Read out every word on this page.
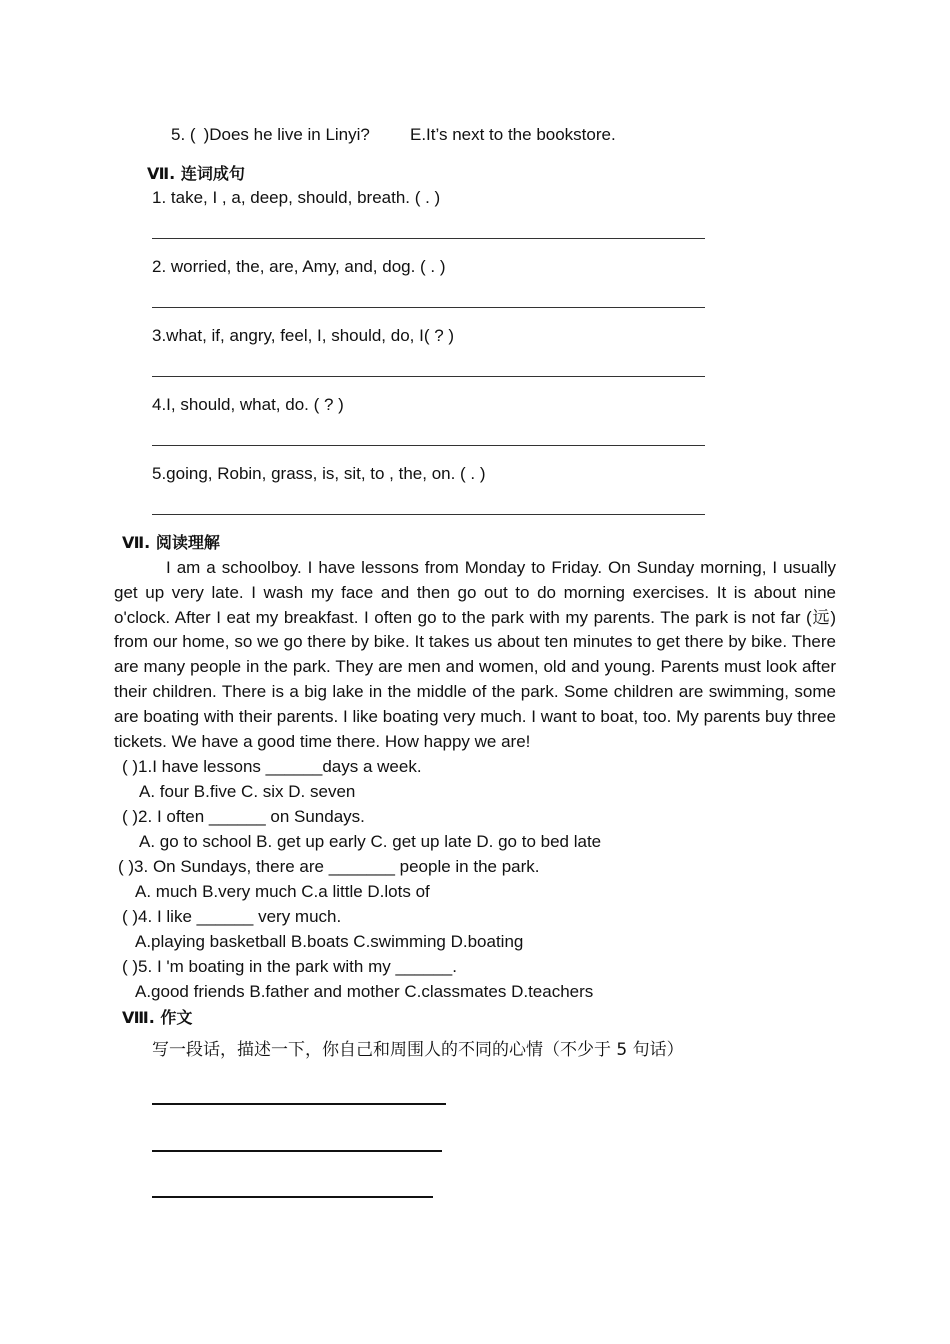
5. ( )Does he live in Linyi? E.It’s next to the bookstore.
Ⅶ. 连词成句
1. take, I , a, deep, should, breath. ( . )
2. worried, the, are, Amy, and, dog. ( . )
3.what, if, angry, feel, I, should, do, I( ? )
4.I, should, what, do. ( ? )
5.going, Robin, grass, is, sit, to , the, on. ( . )
Ⅶ. 阅读理解
I am a schoolboy. I have lessons from Monday to Friday. On Sunday morning, I usually get up very late. I wash my face and then go out to do morning exercises. It is about nine o'clock. After I eat my breakfast. I often go to the park with my parents. The park is not far (远) from our home, so we go there by bike. It takes us about ten minutes to get there by bike. There are many people in the park. They are men and women, old and young. Parents must look after their children. There is a big lake in the middle of the park. Some children are swimming, some are boating with their parents. I like boating very much. I want to boat, too. My parents buy three tickets. We have a good time there. How happy we are!
( )1.I have lessons ______days a week.
A. four B.five C. six D. seven
( )2. I often ______ on Sundays.
A. go to school B. get up early C. get up late D. go to bed late
( )3. On Sundays, there are _______ people in the park.
A. much B.very much C.a little D.lots of
( )4. I like ______ very much.
A.playing basketball B.boats C.swimming D.boating
( )5. I 'm boating in the park with my ______.
A.good friends B.father and mother C.classmates D.teachers
Ⅷ. 作文
写一段话，描述一下，你自己和周围人的不同的心情（不少于 5 句话）
